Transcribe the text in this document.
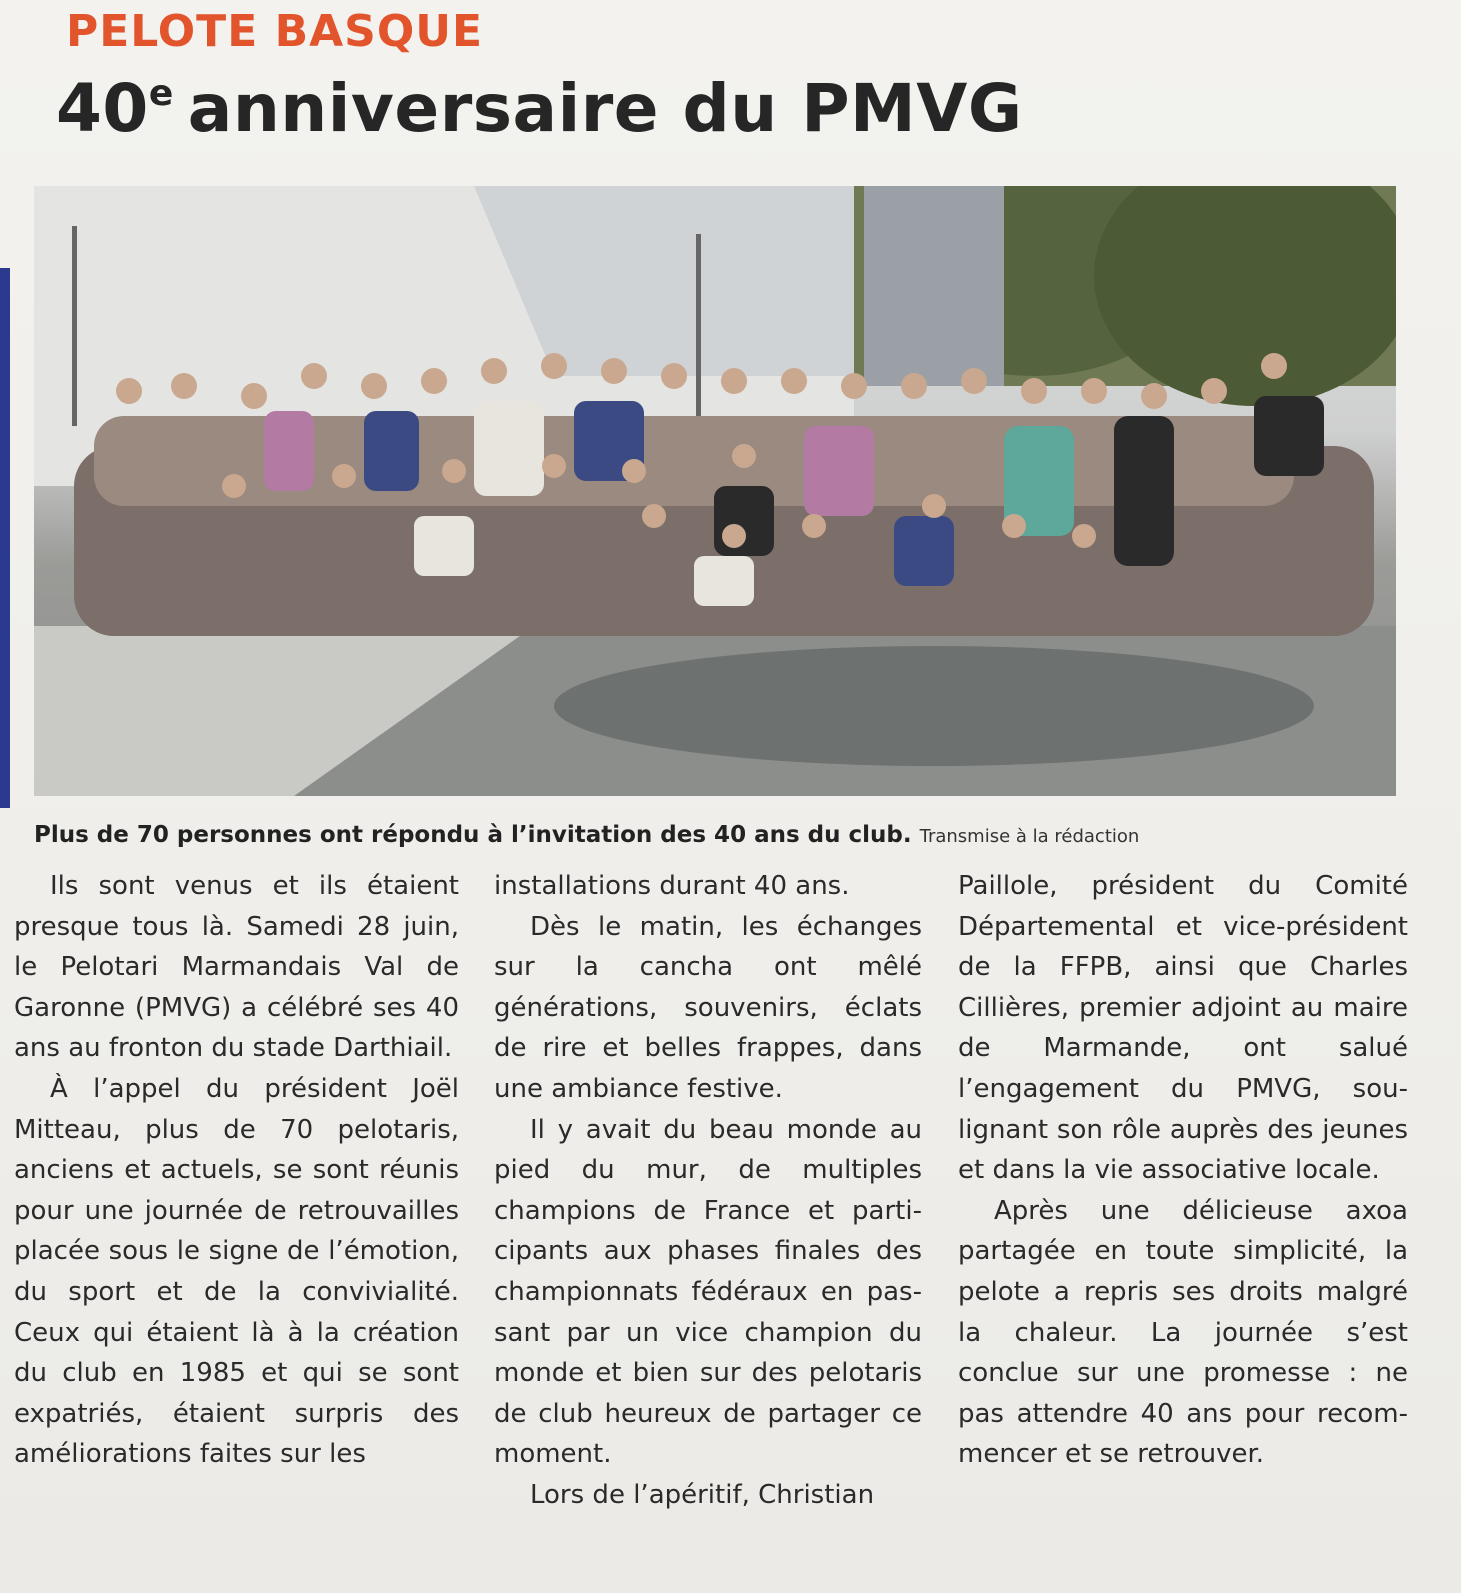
PELOTE BASQUE
40e anniversaire du PMVG
Plus de 70 personnes ont répondu à l’invitation des 40 ans du club. Transmise à la rédaction

Ils sont venus et ils étaient presque tous là. Samedi 28 juin, le Pelotari Marmandais Val de Garonne (PMVG) a célébré ses 40 ans au fronton du stade Darthiail.

À l’appel du président Joël Mitteau, plus de 70 pelotaris, anciens et actuels, se sont réunis pour une journée de retrouvailles placée sous le signe de l’émotion, du sport et de la convivialité. Ceux qui étaient là à la création du club en 1985 et qui se sont expatriés, étaient surpris des améliorations faites sur les

installations durant 40 ans.

Dès le matin, les échanges sur la cancha ont mêlé générations, souvenirs, éclats de rire et belles frappes, dans une ambiance festive.

Il y avait du beau monde au pied du mur, de multiples champions de France et participants aux phases finales des championnats fédéraux en passant par un vice champion du monde et bien sur des pelotaris de club heureux de partager ce moment.

Lors de l’apéritif, Christian

Paillole, président du Comité Départemental et vice-président de la FFPB, ainsi que Charles Cillières, premier adjoint au maire de Marmande, ont salué l’engagement du PMVG, soulignant son rôle auprès des jeunes et dans la vie associative locale.

Après une délicieuse axoa partagée en toute simplicité, la pelote a repris ses droits malgré la chaleur. La journée s’est conclue sur une promesse : ne pas attendre 40 ans pour recommencer et se retrouver.
